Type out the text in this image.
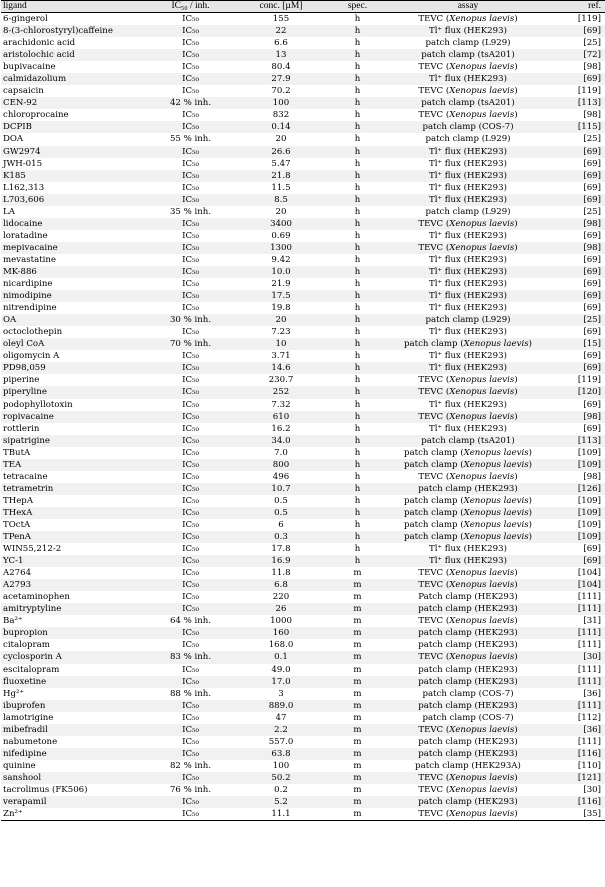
ligand	IC₅₀ / inh.	conc. [µM]	spec.	assay	ref.
6-gingerol	IC₅₀	155	h	TEVC (Xenopus laevis)	[119]
8-(3-chlorostyryl)caffeine	IC₅₀	22	h	Tl⁺ flux (HEK293)	[69]
arachidonic acid	IC₅₀	6.6	h	patch clamp (L929)	[25]
aristolochic acid	IC₅₀	13	h	patch clamp (tsA201)	[72]
bupivacaine	IC₅₀	80.4	h	TEVC (Xenopus laevis)	[98]
calmidazolium	IC₅₀	27.9	h	Tl⁺ flux (HEK293)	[69]
capsaicin	IC₅₀	70.2	h	TEVC (Xenopus laevis)	[119]
CEN-92	42 % inh.	100	h	patch clamp (tsA201)	[113]
chloroprocaine	IC₅₀	832	h	TEVC (Xenopus laevis)	[98]
DCPIB	IC₅₀	0.14	h	patch clamp (COS-7)	[115]
DOA	55 % inh.	20	h	patch clamp (L929)	[25]
GW2974	IC₅₀	26.6	h	Tl⁺ flux (HEK293)	[69]
JWH-015	IC₅₀	5.47	h	Tl⁺ flux (HEK293)	[69]
K185	IC₅₀	21.8	h	Tl⁺ flux (HEK293)	[69]
L162,313	IC₅₀	11.5	h	Tl⁺ flux (HEK293)	[69]
L703,606	IC₅₀	8.5	h	Tl⁺ flux (HEK293)	[69]
LA	35 % inh.	20	h	patch clamp (L929)	[25]
lidocaine	IC₅₀	3400	h	TEVC (Xenopus laevis)	[98]
loratadine	IC₅₀	0.69	h	Tl⁺ flux (HEK293)	[69]
mepivacaine	IC₅₀	1300	h	TEVC (Xenopus laevis)	[98]
mevastatine	IC₅₀	9.42	h	Tl⁺ flux (HEK293)	[69]
MK-886	IC₅₀	10.0	h	Tl⁺ flux (HEK293)	[69]
nicardipine	IC₅₀	21.9	h	Tl⁺ flux (HEK293)	[69]
nimodipine	IC₅₀	17.5	h	Tl⁺ flux (HEK293)	[69]
nitrendipine	IC₅₀	19.8	h	Tl⁺ flux (HEK293)	[69]
OA	30 % inh.	20	h	patch clamp (L929)	[25]
octoclothepin	IC₅₀	7.23	h	Tl⁺ flux (HEK293)	[69]
oleyl CoA	70 % inh.	10	h	patch clamp (Xenopus laevis)	[15]
oligomycin A	IC₅₀	3.71	h	Tl⁺ flux (HEK293)	[69]
PD98,059	IC₅₀	14.6	h	Tl⁺ flux (HEK293)	[69]
piperine	IC₅₀	230.7	h	TEVC (Xenopus laevis)	[119]
piperyline	IC₅₀	252	h	TEVC (Xenopus laevis)	[120]
podophyllotoxin	IC₅₀	7.32	h	Tl⁺ flux (HEK293)	[69]
ropivacaine	IC₅₀	610	h	TEVC (Xenopus laevis)	[98]
rottlerin	IC₅₀	16.2	h	Tl⁺ flux (HEK293)	[69]
sipatrigine	IC₅₀	34.0	h	patch clamp (tsA201)	[113]
TButA	IC₅₀	7.0	h	patch clamp (Xenopus laevis)	[109]
TEA	IC₅₀	800	h	patch clamp (Xenopus laevis)	[109]
tetracaine	IC₅₀	496	h	TEVC (Xenopus laevis)	[98]
tetrametrin	IC₅₀	10.7	h	patch clamp (HEK293)	[126]
THepA	IC₅₀	0.5	h	patch clamp (Xenopus laevis)	[109]
THexA	IC₅₀	0.5	h	patch clamp (Xenopus laevis)	[109]
TOctA	IC₅₀	6	h	patch clamp (Xenopus laevis)	[109]
TPenA	IC₅₀	0.3	h	patch clamp (Xenopus laevis)	[109]
WIN55,212-2	IC₅₀	17.8	h	Tl⁺ flux (HEK293)	[69]
YC-1	IC₅₀	16.9	h	Tl⁺ flux (HEK293)	[69]
A2764	IC₅₀	11.8	m	TEVC (Xenopus laevis)	[104]
A2793	IC₅₀	6.8	m	TEVC (Xenopus laevis)	[104]
acetaminophen	IC₅₀	220	m	Patch clamp (HEK293)	[111]
amitryptyline	IC₅₀	26	m	patch clamp (HEK293)	[111]
Ba²⁺	64 % inh.	1000	m	TEVC (Xenopus laevis)	[31]
bupropion	IC₅₀	160	m	patch clamp (HEK293)	[111]
citalopram	IC₅₀	168.0	m	patch clamp (HEK293)	[111]
cyclosporin A	83 % inh.	0.1	m	TEVC (Xenopus laevis)	[30]
escitalopram	IC₅₀	49.0	m	patch clamp (HEK293)	[111]
fluoxetine	IC₅₀	17.0	m	patch clamp (HEK293)	[111]
Hg²⁺	88 % inh.	3	m	patch clamp (COS-7)	[36]
ibuprofen	IC₅₀	889.0	m	patch clamp (HEK293)	[111]
lamotrigine	IC₅₀	47	m	patch clamp (COS-7)	[112]
mibefradil	IC₅₀	2.2	m	TEVC (Xenopus laevis)	[36]
nabumetone	IC₅₀	557.0	m	patch clamp (HEK293)	[111]
nifedipine	IC₅₀	63.8	m	patch clamp (HEK293)	[116]
quinine	82 % inh.	100	m	patch clamp (HEK293A)	[110]
sanshool	IC₅₀	50.2	m	TEVC (Xenopus laevis)	[121]
tacrolimus (FK506)	76 % inh.	0.2	m	TEVC (Xenopus laevis)	[30]
verapamil	IC₅₀	5.2	m	patch clamp (HEK293)	[116]
Zn²⁺	IC₅₀	11.1	m	TEVC (Xenopus laevis)	[35]
